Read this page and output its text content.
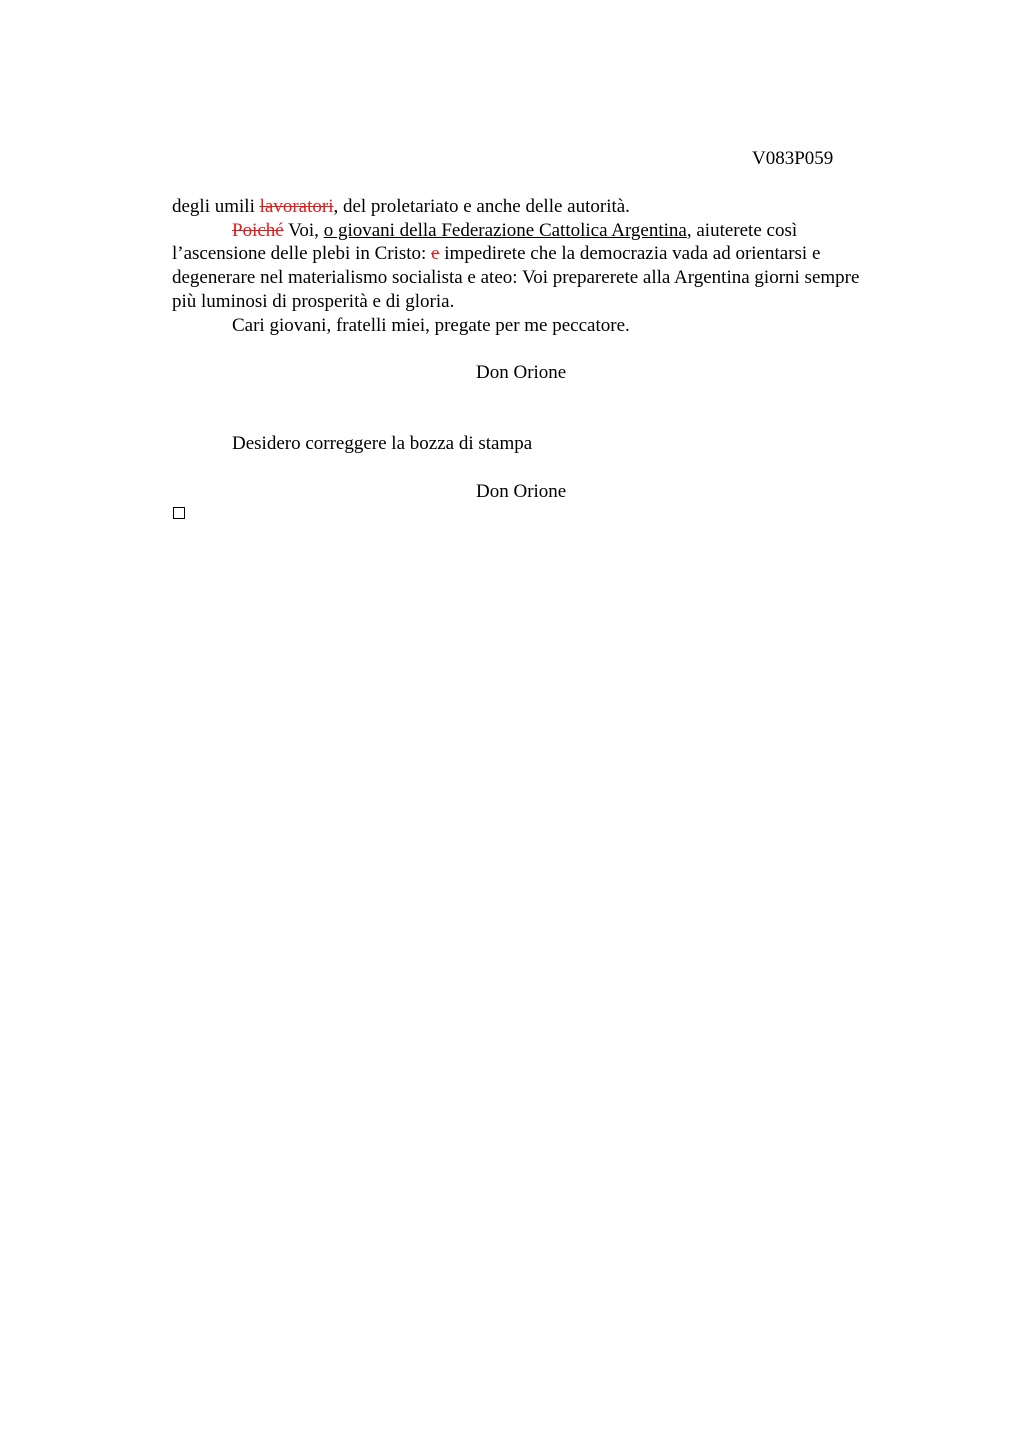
V083P059
degli umili lavoratori, del proletariato e anche delle autorità.
Poiché Voi, o giovani della Federazione Cattolica Argentina, aiuterete così
l’ascensione delle plebi in Cristo: e impedirete che la democrazia vada ad orientarsi e
degenerare nel materialismo socialista e ateo: Voi preparerete alla Argentina giorni sempre
più luminosi di prosperità e di gloria.
Cari giovani, fratelli miei, pregate per me peccatore.
Don Orione
Desidero correggere la bozza di stampa
Don Orione
